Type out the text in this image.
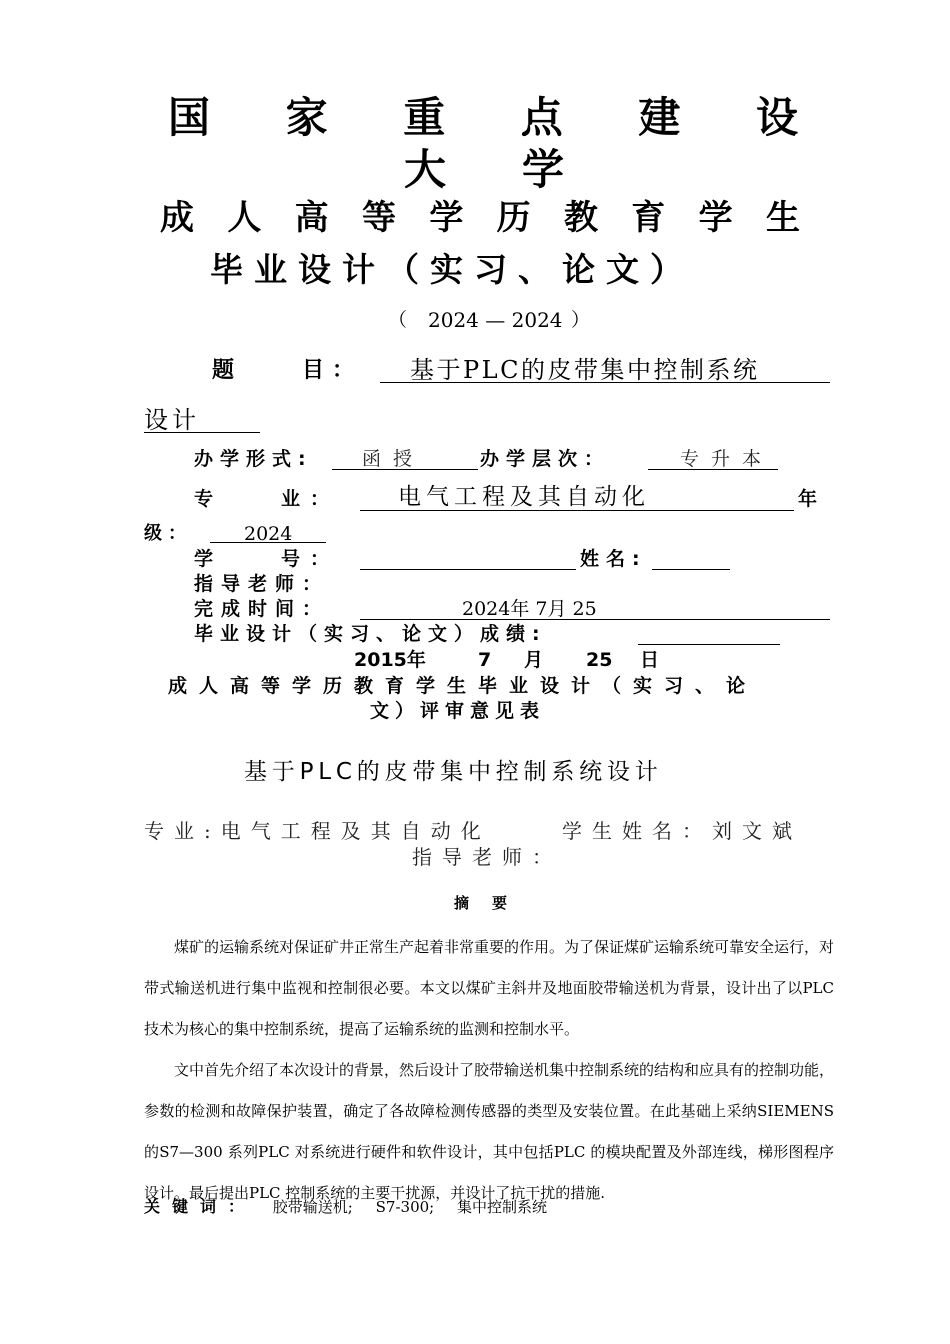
国 家 重 点 建 设
大 学
成 人 高 等 学 历 教 育 学 生
毕业设计（实习、论文）
（ 2024 — 2024 ）
题　　目： 基于PLC的皮带集中控制系统
设计
办学形式:	函授	办学层次：	专升本
专　　业：	电气工程及其自动化	年
级：	2024
学　　号：	姓名:
指导老师：
完成时间：	2024年 7月 25
毕业设计（实习、论文）成绩:
2015年	7 月 25 日
成人高等学历教育学生毕业设计（实习、论
文）评审意见表
基于PLC的皮带集中控制系统设计
专业:电气工程及其自动化	学生姓名：刘文斌
指导老师：
摘　要
煤矿的运输系统对保证矿井正常生产起着非常重要的作用。为了保证煤矿运输系统可靠安全运行，对带式输送机进行集中监视和控制很必要。本文以煤矿主斜井及地面胶带输送机为背景，设计出了以PLC 技术为核心的集中控制系统，提高了运输系统的监测和控制水平。
文中首先介绍了本次设计的背景，然后设计了胶带输送机集中控制系统的结构和应具有的控制功能，参数的检测和故障保护装置，确定了各故障检测传感器的类型及安装位置。在此基础上采纳SIEMENS 的S7—300 系列PLC 对系统进行硬件和软件设计，其中包括PLC 的模块配置及外部连线，梯形图程序设计。最后提出PLC 控制系统的主要干扰源，并设计了抗干扰的措施.
关键词： 胶带输送机; S7-300; 集中控制系统
